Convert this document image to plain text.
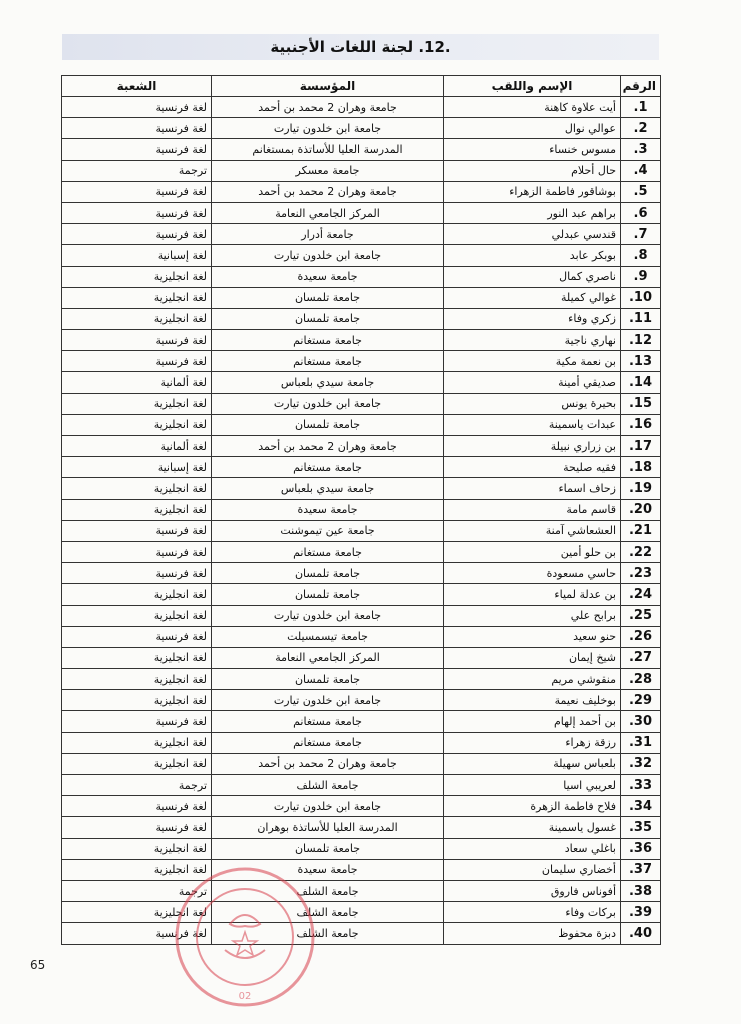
.12. لجنة اللغات الأجنبية
الرقم	الإسم واللقب	المؤسسة	الشعبة
1.	أيت علاوة كاهنة	جامعة وهران 2 محمد بن أحمد	لغة فرنسية
2.	عوالي نوال	جامعة ابن خلدون تيارت	لغة فرنسية
3.	مسوس خنساء	المدرسة العليا للأساتذة بمستغانم	لغة فرنسية
4.	حال أحلام	جامعة معسكر	ترجمة
5.	بوشاقور فاطمة الزهراء	جامعة وهران 2 محمد بن أحمد	لغة فرنسية
6.	براهم عبد النور	المركز الجامعي النعامة	لغة فرنسية
7.	قندسي عبدلي	جامعة أدرار	لغة فرنسية
8.	بوبكر عابد	جامعة ابن خلدون تيارت	لغة إسبانية
9.	ناصري كمال	جامعة سعيدة	لغة انجليزية
10.	غوالي كميلة	جامعة تلمسان	لغة انجليزية
11.	زكري وفاء	جامعة تلمسان	لغة انجليزية
12.	نهاري ناجية	جامعة مستغانم	لغة فرنسية
13.	بن نعمة مكية	جامعة مستغانم	لغة فرنسية
14.	صديقي أمينة	جامعة سيدي بلعباس	لغة ألمانية
15.	بحيرة يونس	جامعة ابن خلدون تيارت	لغة انجليزية
16.	عبدات ياسمينة	جامعة تلمسان	لغة انجليزية
17.	بن زراري نبيلة	جامعة وهران 2 محمد بن أحمد	لغة ألمانية
18.	فقيه صليحة	جامعة مستغانم	لغة إسبانية
19.	زحاف اسماء	جامعة سيدي بلعباس	لغة انجليزية
20.	قاسم مامة	جامعة سعيدة	لغة انجليزية
21.	العشعاشي آمنة	جامعة عين تيموشنت	لغة فرنسية
22.	بن حلو أمين	جامعة مستغانم	لغة فرنسية
23.	حاسي مسعودة	جامعة تلمسان	لغة فرنسية
24.	بن عدلة لمياء	جامعة تلمسان	لغة انجليزية
25.	برابح علي	جامعة ابن خلدون تيارت	لغة انجليزية
26.	حنو سعيد	جامعة تيسمسيلت	لغة فرنسية
27.	شيخ إيمان	المركز الجامعي النعامة	لغة انجليزية
28.	منقوشي مريم	جامعة تلمسان	لغة انجليزية
29.	بوخليف نعيمة	جامعة ابن خلدون تيارت	لغة انجليزية
30.	بن أحمد إلهام	جامعة مستغانم	لغة فرنسية
31.	رزقة زهراء	جامعة مستغانم	لغة انجليزية
32.	بلعباس سهيلة	جامعة وهران 2 محمد بن أحمد	لغة انجليزية
33.	لعريبي اسيا	جامعة الشلف	ترجمة
34.	فلاح فاطمة الزهرة	جامعة ابن خلدون تيارت	لغة فرنسية
35.	غسول ياسمينة	المدرسة العليا للأساتذة بوهران	لغة فرنسية
36.	باغلي سعاد	جامعة تلمسان	لغة انجليزية
37.	أخضاري سليمان	جامعة سعيدة	لغة انجليزية
38.	أفوناس فاروق	جامعة الشلف	ترجمة
39.	بركات وفاء	جامعة الشلف	لغة انجليزية
40.	دبزة محفوظ	جامعة الشلف	لغة فرنسية
65
02
